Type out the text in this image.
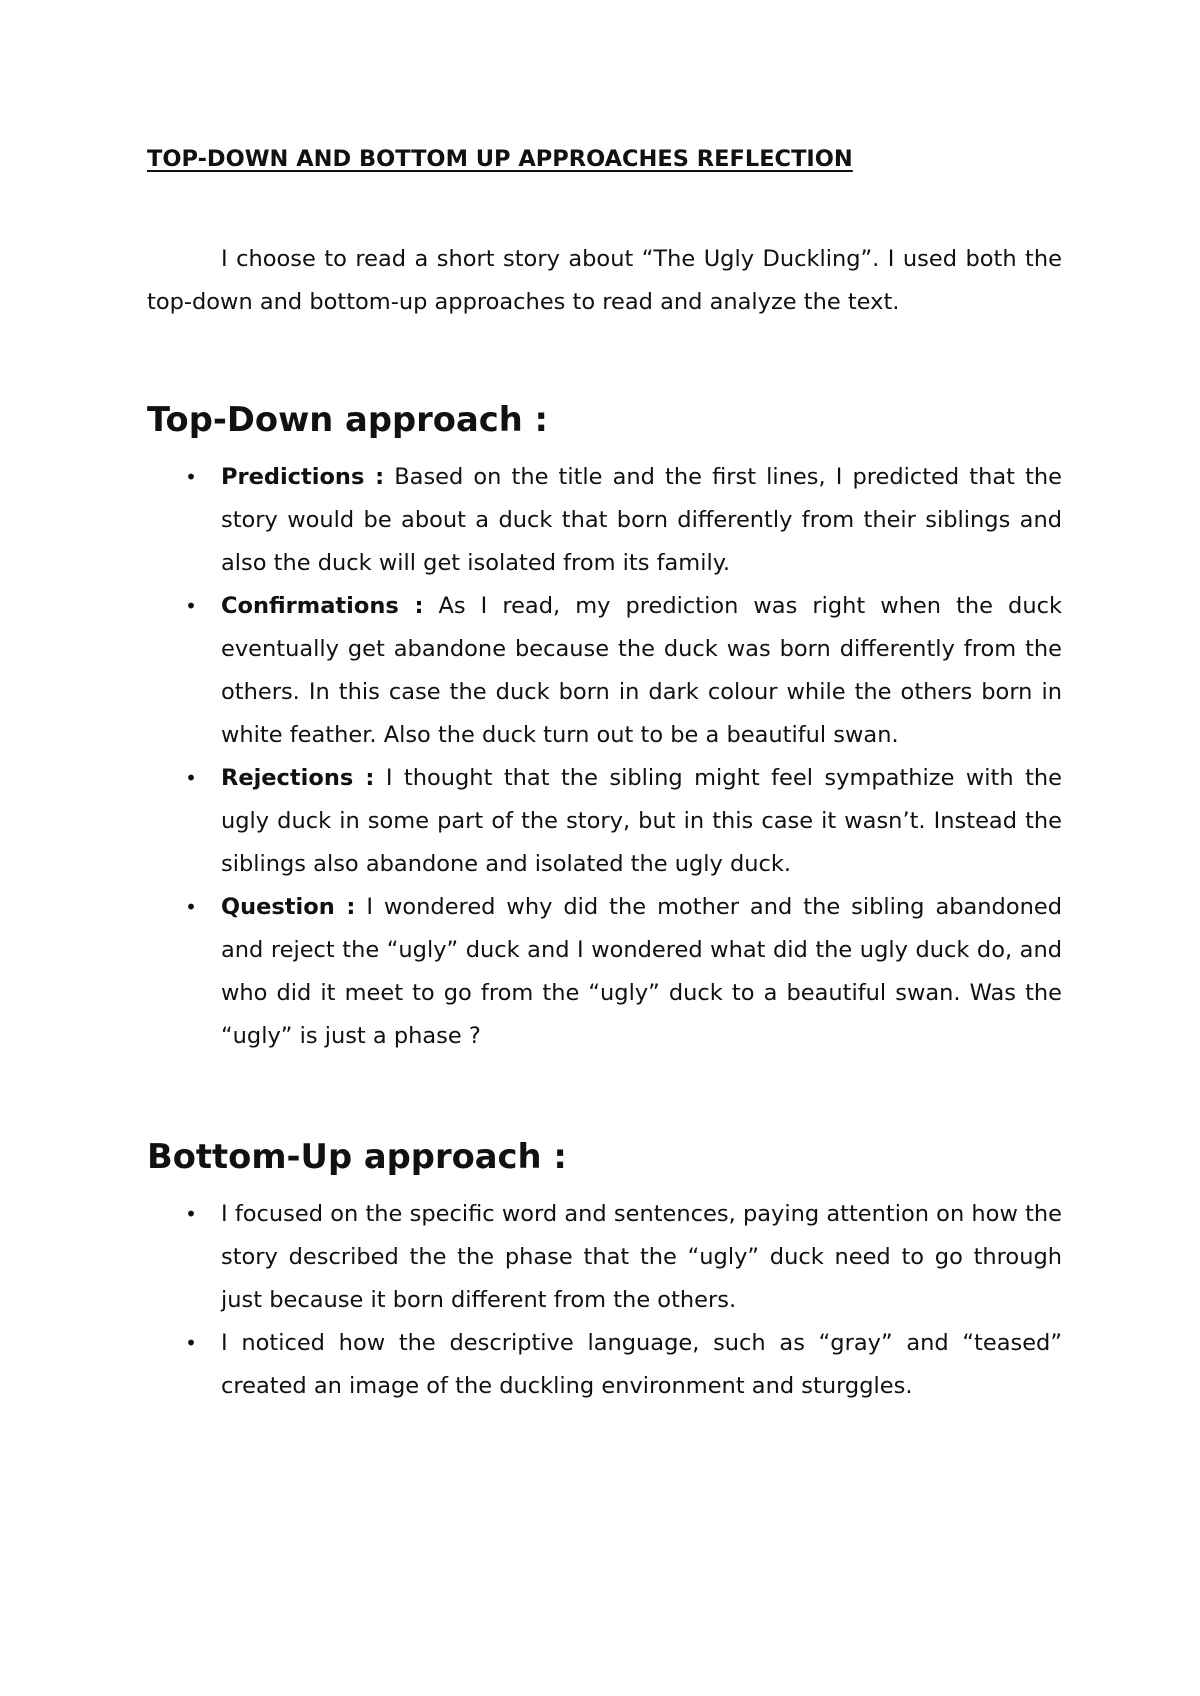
TOP-DOWN AND BOTTOM UP APPROACHES REFLECTION

I choose to read a short story about “The Ugly Duckling”. I used both the top-down and bottom-up approaches to read and analyze the text.

Top-Down approach :
• Predictions : Based on the title and the first lines, I predicted that the story would be about a duck that born differently from their siblings and also the duck will get isolated from its family.
• Confirmations : As I read, my prediction was right when the duck eventually get abandone because the duck was born differently from the others. In this case the duck born in dark colour while the others born in white feather. Also the duck turn out to be a beautiful swan.
• Rejections : I thought that the sibling might feel sympathize with the ugly duck in some part of the story, but in this case it wasn’t. Instead the siblings also abandone and isolated the ugly duck.
• Question : I wondered why did the mother and the sibling abandoned and reject the “ugly” duck and I wondered what did the ugly duck do, and who did it meet to go from the “ugly” duck to a beautiful swan. Was the “ugly” is just a phase ?
Bottom-Up approach :
• I focused on the specific word and sentences, paying attention on how the story described the the phase that the “ugly” duck need to go through just because it born different from the others.
• I noticed how the descriptive language, such as “gray” and “teased” created an image of the duckling environment and sturggles.
